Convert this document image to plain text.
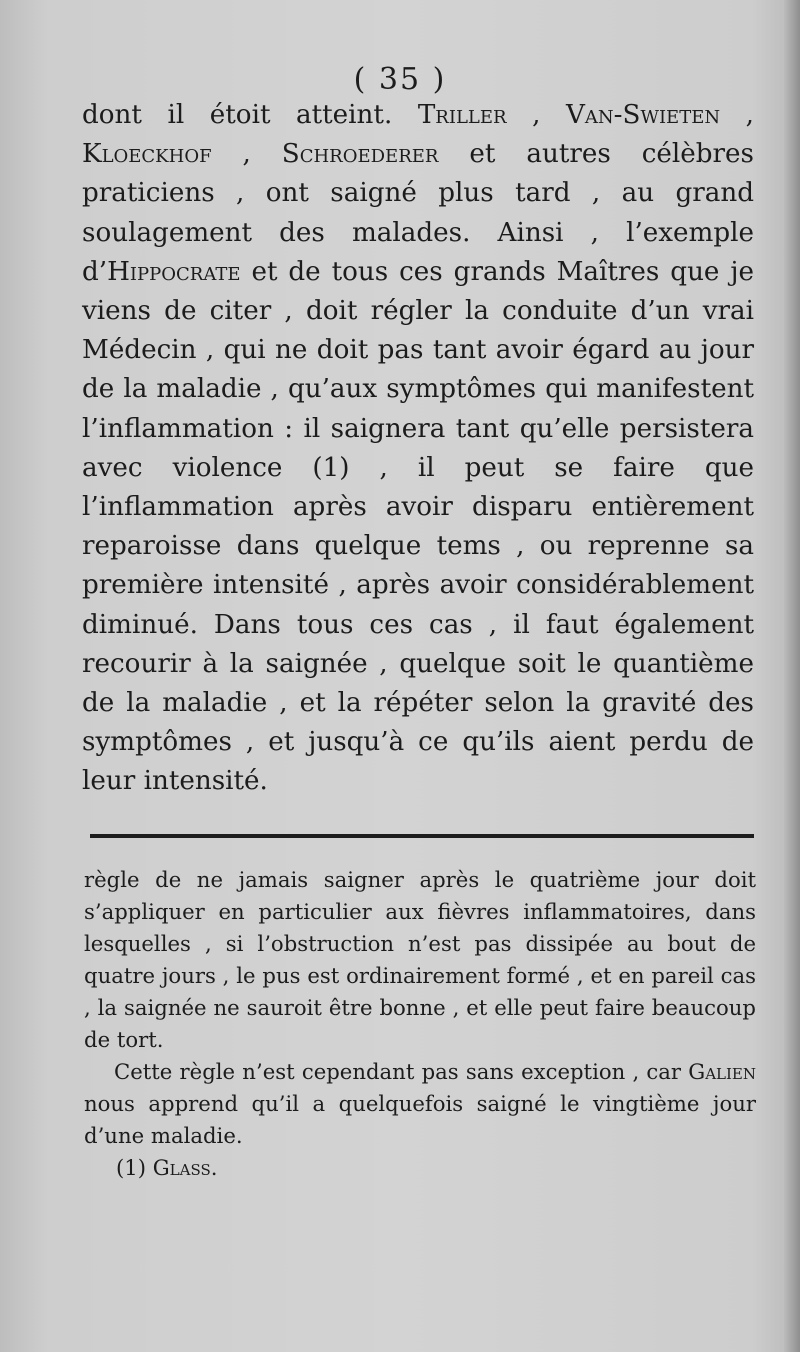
( 35 )

dont il étoit atteint. Triller , Van-Swieten , Kloeckhof , Schroederer et autres célèbres praticiens , ont saigné plus tard , au grand soulagement des malades. Ainsi , l’exemple d’Hippocrate et de tous ces grands Maîtres que je viens de citer , doit régler la conduite d’un vrai Médecin , qui ne doit pas tant avoir égard au jour de la maladie , qu’aux symptômes qui manifestent l’inflammation : il saignera tant qu’elle persistera avec violence (1) , il peut se faire que l’inflammation après avoir disparu entièrement reparoisse dans quelque tems , ou reprenne sa première intensité , après avoir considérablement diminué. Dans tous ces cas , il faut également recourir à la saignée , quelque soit le quantième de la maladie , et la répéter selon la gravité des symptômes , et jusqu’à ce qu’ils aient perdu de leur intensité.

règle de ne jamais saigner après le quatrième jour doit s’appliquer en particulier aux fièvres inflammatoires, dans lesquelles , si l’obstruction n’est pas dissipée au bout de quatre jours , le pus est ordinairement formé , et en pareil cas , la saignée ne sauroit être bonne , et elle peut faire beaucoup de tort.

Cette règle n’est cependant pas sans exception , car Galien nous apprend qu’il a quelquefois saigné le vingtième jour d’une maladie.

(1) Glass.
